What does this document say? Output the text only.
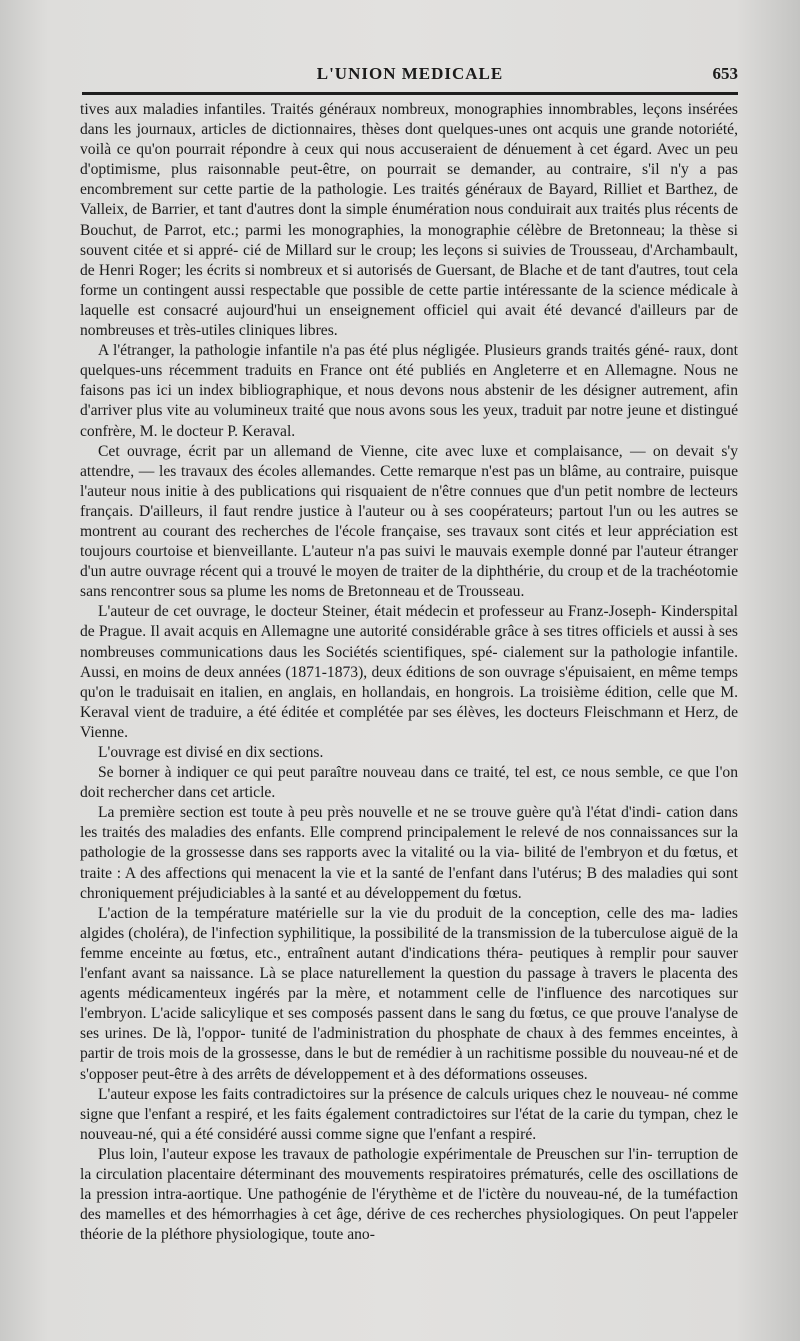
L'UNION MEDICALE	653

tives aux maladies infantiles. Traités généraux nombreux, monographies innombrables, leçons insérées dans les journaux, articles de dictionnaires, thèses dont quelques-unes ont acquis une grande notoriété, voilà ce qu'on pourrait répondre à ceux qui nous accuseraient de dénuement à cet égard. Avec un peu d'optimisme, plus raisonnable peut-être, on pourrait se demander, au contraire, s'il n'y a pas encombrement sur cette partie de la pathologie. Les traités généraux de Bayard, Rilliet et Barthez, de Valleix, de Barrier, et tant d'autres dont la simple énumération nous conduirait aux traités plus récents de Bouchut, de Parrot, etc.; parmi les monographies, la monographie célèbre de Bretonneau; la thèse si souvent citée et si appré- cié de Millard sur le croup; les leçons si suivies de Trousseau, d'Archambault, de Henri Roger; les écrits si nombreux et si autorisés de Guersant, de Blache et de tant d'autres, tout cela forme un contingent aussi respectable que possible de cette partie intéressante de la science médicale à laquelle est consacré aujourd'hui un enseignement officiel qui avait été devancé d'ailleurs par de nombreuses et très-utiles cliniques libres.

A l'étranger, la pathologie infantile n'a pas été plus négligée. Plusieurs grands traités géné- raux, dont quelques-uns récemment traduits en France ont été publiés en Angleterre et en Allemagne. Nous ne faisons pas ici un index bibliographique, et nous devons nous abstenir de les désigner autrement, afin d'arriver plus vite au volumineux traité que nous avons sous les yeux, traduit par notre jeune et distingué confrère, M. le docteur P. Keraval.

Cet ouvrage, écrit par un allemand de Vienne, cite avec luxe et complaisance, — on devait s'y attendre, — les travaux des écoles allemandes. Cette remarque n'est pas un blâme, au contraire, puisque l'auteur nous initie à des publications qui risquaient de n'être connues que d'un petit nombre de lecteurs français. D'ailleurs, il faut rendre justice à l'auteur ou à ses coopérateurs; partout l'un ou les autres se montrent au courant des recherches de l'école française, ses travaux sont cités et leur appréciation est toujours courtoise et bienveillante. L'auteur n'a pas suivi le mauvais exemple donné par l'auteur étranger d'un autre ouvrage récent qui a trouvé le moyen de traiter de la diphthérie, du croup et de la trachéotomie sans rencontrer sous sa plume les noms de Bretonneau et de Trousseau.

L'auteur de cet ouvrage, le docteur Steiner, était médecin et professeur au Franz-Joseph- Kinderspital de Prague. Il avait acquis en Allemagne une autorité considérable grâce à ses titres officiels et aussi à ses nombreuses communications daus les Sociétés scientifiques, spé- cialement sur la pathologie infantile. Aussi, en moins de deux années (1871-1873), deux éditions de son ouvrage s'épuisaient, en même temps qu'on le traduisait en italien, en anglais, en hollandais, en hongrois. La troisième édition, celle que M. Keraval vient de traduire, a été éditée et complétée par ses élèves, les docteurs Fleischmann et Herz, de Vienne.

L'ouvrage est divisé en dix sections.

Se borner à indiquer ce qui peut paraître nouveau dans ce traité, tel est, ce nous semble, ce que l'on doit rechercher dans cet article.

La première section est toute à peu près nouvelle et ne se trouve guère qu'à l'état d'indi- cation dans les traités des maladies des enfants. Elle comprend principalement le relevé de nos connaissances sur la pathologie de la grossesse dans ses rapports avec la vitalité ou la via- bilité de l'embryon et du fœtus, et traite : A des affections qui menacent la vie et la santé de l'enfant dans l'utérus; B des maladies qui sont chroniquement préjudiciables à la santé et au développement du fœtus.

L'action de la température matérielle sur la vie du produit de la conception, celle des ma- ladies algides (choléra), de l'infection syphilitique, la possibilité de la transmission de la tuberculose aiguë de la femme enceinte au fœtus, etc., entraînent autant d'indications théra- peutiques à remplir pour sauver l'enfant avant sa naissance. Là se place naturellement la question du passage à travers le placenta des agents médicamenteux ingérés par la mère, et notamment celle de l'influence des narcotiques sur l'embryon. L'acide salicylique et ses composés passent dans le sang du fœtus, ce que prouve l'analyse de ses urines. De là, l'oppor- tunité de l'administration du phosphate de chaux à des femmes enceintes, à partir de trois mois de la grossesse, dans le but de remédier à un rachitisme possible du nouveau-né et de s'opposer peut-être à des arrêts de développement et à des déformations osseuses.

L'auteur expose les faits contradictoires sur la présence de calculs uriques chez le nouveau- né comme signe que l'enfant a respiré, et les faits également contradictoires sur l'état de la carie du tympan, chez le nouveau-né, qui a été considéré aussi comme signe que l'enfant a respiré.

Plus loin, l'auteur expose les travaux de pathologie expérimentale de Preuschen sur l'in- terruption de la circulation placentaire déterminant des mouvements respiratoires prématurés, celle des oscillations de la pression intra-aortique. Une pathogénie de l'érythème et de l'ictère du nouveau-né, de la tuméfaction des mamelles et des hémorrhagies à cet âge, dérive de ces recherches physiologiques. On peut l'appeler théorie de la pléthore physiologique, toute ano-
